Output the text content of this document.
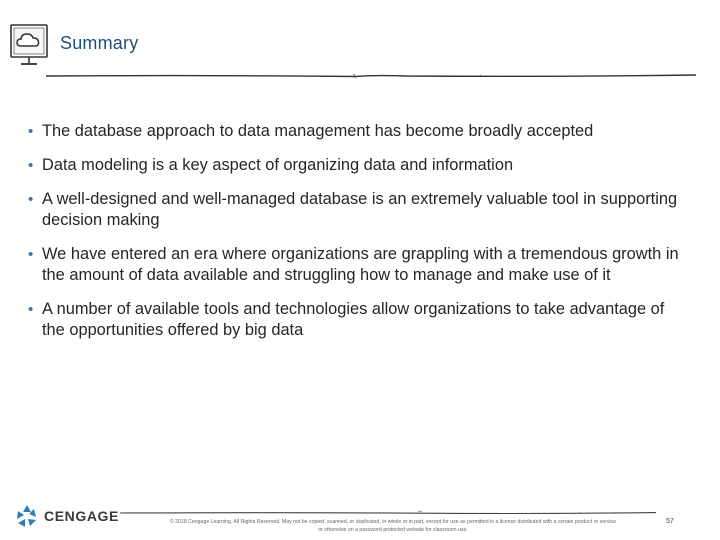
Summary
• The database approach to data management has become broadly accepted
• Data modeling is a key aspect of organizing data and information
• A well-designed and well-managed database is an extremely valuable tool in supporting decision making
• We have entered an era where organizations are grappling with a tremendous growth in the amount of data available and struggling how to manage and make use of it
• A number of available tools and technologies allow organizations to take advantage of the opportunities offered by big data
CENGAGE	© 2018 Cengage Learning. All Rights Reserved. May not be copied, scanned, or duplicated, in whole or in part, except for use as permitted in a license distributed with a certain product or service
or otherwise on a password-protected website for classroom use.
57
